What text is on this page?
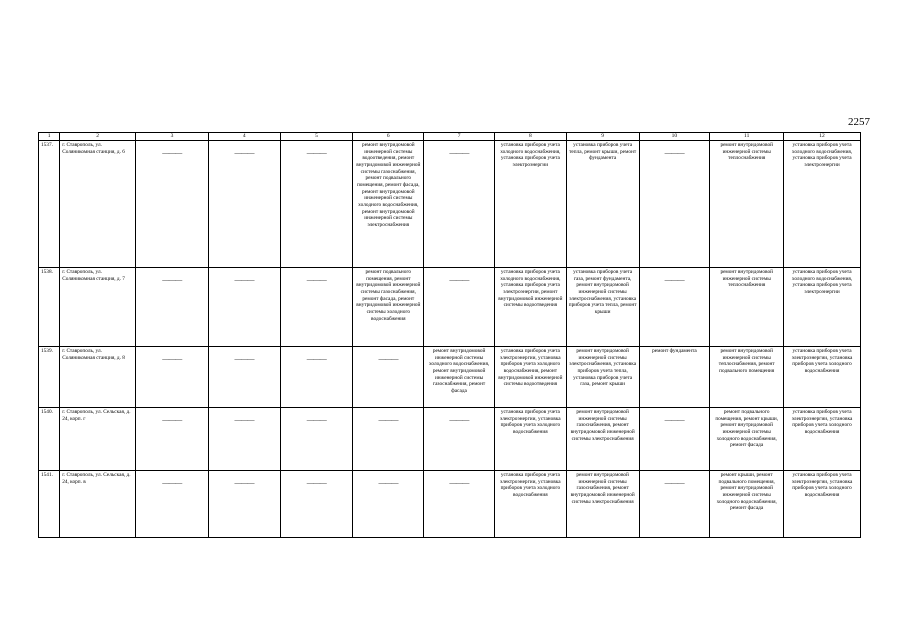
2257
1	2	3	4	5	6	7	8	9	10	11	12
1537.	г. Ставрополь, ул. Соляникомная станция, д. 6	———	———	———	ремонт внутридомовой инженерной системы водоотведения, ремонт внутридомовой инженерной системы газоснабжения, ремонт подвального помещения, ремонт фасада, ремонт внутридомовой инженерной системы холодного водоснабжения, ремонт внутридомовой инженерной системы электроснабжения	———	установка приборов учета холодного водоснабжения, установка приборов учета электроэнергии	установка приборов учета тепла, ремонт крыши, ремонт фундамента	———	ремонт внутридомовой инженерной системы теплоснабжения	установка приборов учета холодного водоснабжения, установка приборов учета электроэнергии
1538.	г. Ставрополь, ул. Соляникомная станция, д. 7	———	———	———	ремонт подвального помещения, ремонт внутридомовой инженерной системы газоснабжения, ремонт фасада, ремонт внутридомовой инженерной системы холодного водоснабжения	———	установка приборов учета холодного водоснабжения, установка приборов учета электроэнергии, ремонт внутридомовой инженерной системы водоотведения	установка приборов учета газа, ремонт фундамента, ремонт внутридомовой инженерной системы электроснабжения, установка приборов учета тепла, ремонт крыши	———	ремонт внутридомовой инженерной системы теплоснабжения	установка приборов учета холодного водоснабжения, установка приборов учета электроэнергии
1539.	г. Ставрополь, ул. Соляникомная станция, д. 8	———	———	———	———	ремонт внутридомовой инженерной системы холодного водоснабжения, ремонт внутридомовой инженерной системы газоснабжения, ремонт фасада	установка приборов учета электроэнергии, установка приборов учета холодного водоснабжения, ремонт внутридомовой инженерной системы водоотведения	ремонт внутридомовой инженерной системы электроснабжения, установка приборов учета тепла, установка приборов учета газа, ремонт крыши	ремонт фундамента	ремонт внутридомовой инженерной системы теплоснабжения, ремонт подвального помещения	установка приборов учета электроэнергии, установка приборов учета холодного водоснабжения
1540.	г. Ставрополь, ул. Сельская, д. 24, корп. г	———	———	———	———	———	установка приборов учета электроэнергии, установка приборов учета холодного водоснабжения	ремонт внутридомовой инженерной системы газоснабжения, ремонт внутридомовой инженерной системы электроснабжения	———	ремонт подвального помещения, ремонт крыши, ремонт внутридомовой инженерной системы холодного водоснабжения, ремонт фасада	установка приборов учета электроэнергии, установка приборов учета холодного водоснабжения
1541.	г. Ставрополь, ул. Сельская, д. 24, корп. в	———	———	———	———	———	установка приборов учета электроэнергии, установка приборов учета холодного водоснабжения	ремонт внутридомовой инженерной системы газоснабжения, ремонт внутридомовой инженерной системы электроснабжения	———	ремонт крыши, ремонт подвального помещения, ремонт внутридомовой инженерной системы холодного водоснабжения, ремонт фасада	установка приборов учета электроэнергии, установка приборов учета холодного водоснабжения
